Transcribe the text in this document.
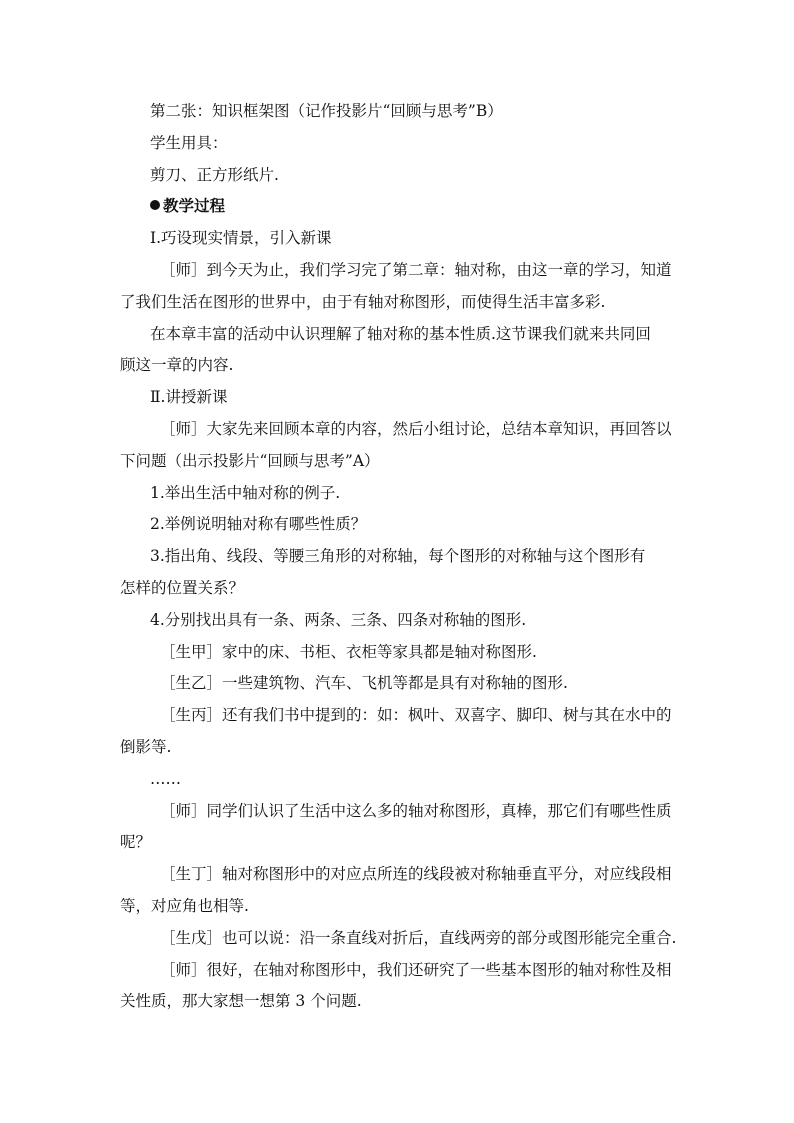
第二张：知识框架图（记作投影片“回顾与思考”B）
学生用具：
剪刀、正方形纸片.
教学过程
Ⅰ.巧设现实情景，引入新课
［师］到今天为止，我们学习完了第二章：轴对称，由这一章的学习，知道
了我们生活在图形的世界中，由于有轴对称图形，而使得生活丰富多彩.
在本章丰富的活动中认识理解了轴对称的基本性质.这节课我们就来共同回
顾这一章的内容.
Ⅱ.讲授新课
［师］大家先来回顾本章的内容，然后小组讨论，总结本章知识，再回答以
下问题（出示投影片“回顾与思考”A）
1.举出生活中轴对称的例子.
2.举例说明轴对称有哪些性质？
3.指出角、线段、等腰三角形的对称轴，每个图形的对称轴与这个图形有
怎样的位置关系？
4.分别找出具有一条、两条、三条、四条对称轴的图形.
［生甲］家中的床、书柜、衣柜等家具都是轴对称图形.
［生乙］一些建筑物、汽车、飞机等都是具有对称轴的图形.
［生丙］还有我们书中提到的：如：枫叶、双喜字、脚印、树与其在水中的
倒影等.
……
［师］同学们认识了生活中这么多的轴对称图形，真棒，那它们有哪些性质
呢？
［生丁］轴对称图形中的对应点所连的线段被对称轴垂直平分，对应线段相
等，对应角也相等.
［生戊］也可以说：沿一条直线对折后，直线两旁的部分或图形能完全重合.
［师］很好，在轴对称图形中，我们还研究了一些基本图形的轴对称性及相
关性质，那大家想一想第 3 个问题.
